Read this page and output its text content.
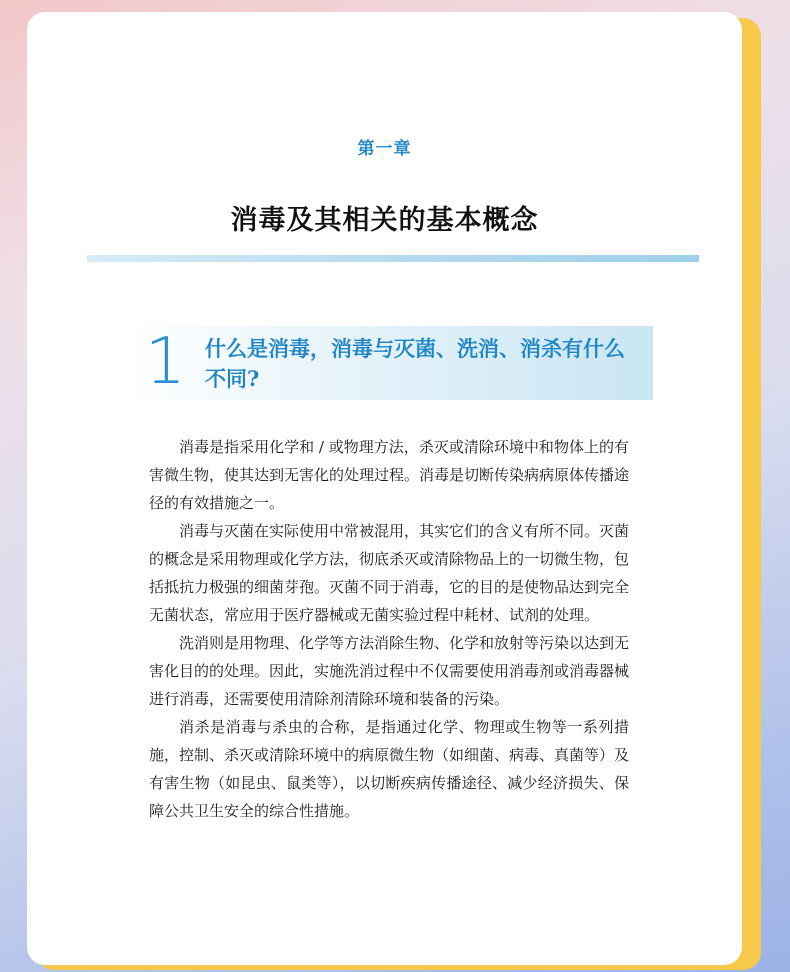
第一章
消毒及其相关的基本概念
1 什么是消毒，消毒与灭菌、洗消、消杀有什么不同?

消毒是指采用化学和 / 或物理方法，杀灭或清除环境中和物体上的有害微生物，使其达到无害化的处理过程。消毒是切断传染病病原体传播途径的有效措施之一。

消毒与灭菌在实际使用中常被混用，其实它们的含义有所不同。灭菌的概念是采用物理或化学方法，彻底杀灭或清除物品上的一切微生物，包括抵抗力极强的细菌芽孢。灭菌不同于消毒，它的目的是使物品达到完全无菌状态，常应用于医疗器械或无菌实验过程中耗材、试剂的处理。

洗消则是用物理、化学等方法消除生物、化学和放射等污染以达到无害化目的的处理。因此，实施洗消过程中不仅需要使用消毒剂或消毒器械进行消毒，还需要使用清除剂清除环境和装备的污染。

消杀是消毒与杀虫的合称，是指通过化学、物理或生物等一系列措施，控制、杀灭或清除环境中的病原微生物（如细菌、病毒、真菌等）及有害生物（如昆虫、鼠类等），以切断疾病传播途径、减少经济损失、保障公共卫生安全的综合性措施。
